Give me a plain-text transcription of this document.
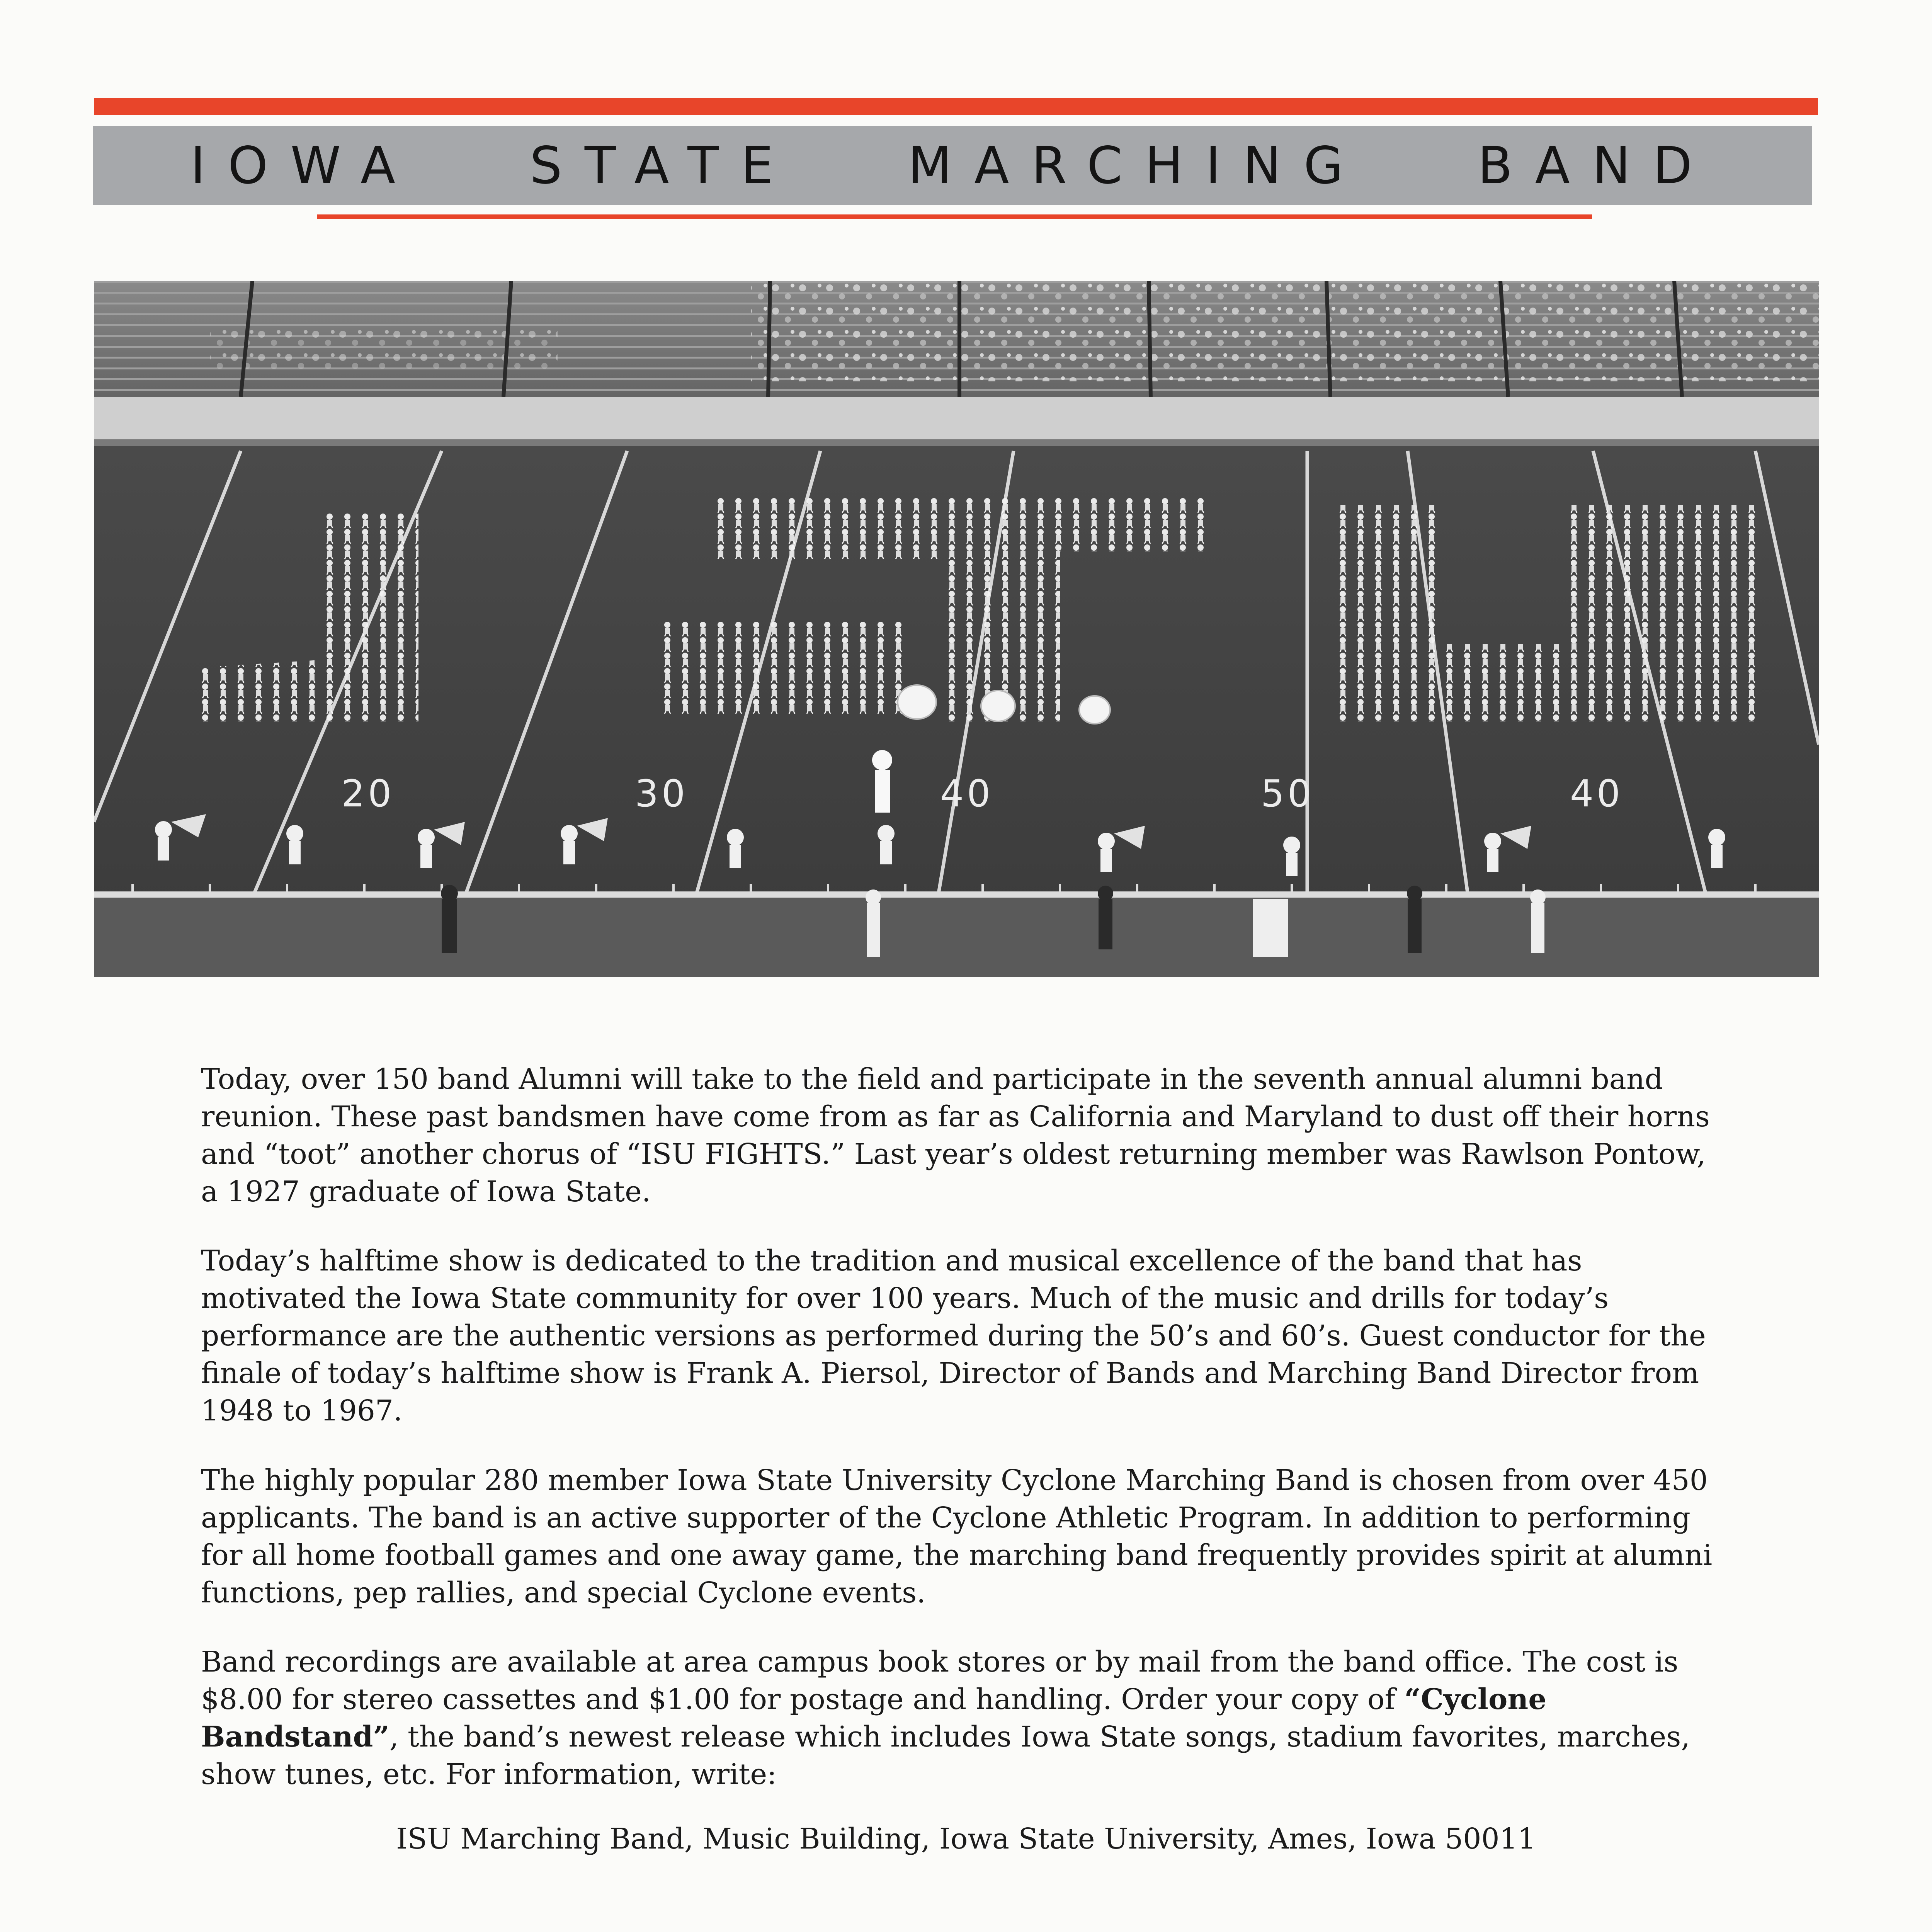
IOWA STATE MARCHING BAND
20	30	40	50	40

Today, over 150 band Alumni will take to the field and participate in the seventh annual alumni band reunion. These past bandsmen have come from as far as California and Maryland to dust off their horns and “toot” another chorus of “ISU FIGHTS.” Last year’s oldest returning member was Rawlson Pontow, a 1927 graduate of Iowa State.

Today’s halftime show is dedicated to the tradition and musical excellence of the band that has motivated the Iowa State community for over 100 years. Much of the music and drills for today’s performance are the authentic versions as performed during the 50’s and 60’s. Guest conductor for the finale of today’s halftime show is Frank A. Piersol, Director of Bands and Marching Band Director from 1948 to 1967.

The highly popular 280 member Iowa State University Cyclone Marching Band is chosen from over 450 applicants. The band is an active supporter of the Cyclone Athletic Program. In addition to performing for all home football games and one away game, the marching band frequently provides spirit at alumni functions, pep rallies, and special Cyclone events.

Band recordings are available at area campus book stores or by mail from the band office. The cost is $8.00 for stereo cassettes and $1.00 for postage and handling. Order your copy of “Cyclone Bandstand”, the band’s newest release which includes Iowa State songs, stadium favorites, marches, show tunes, etc. For information, write:

ISU Marching Band, Music Building, Iowa State University, Ames, Iowa 50011
